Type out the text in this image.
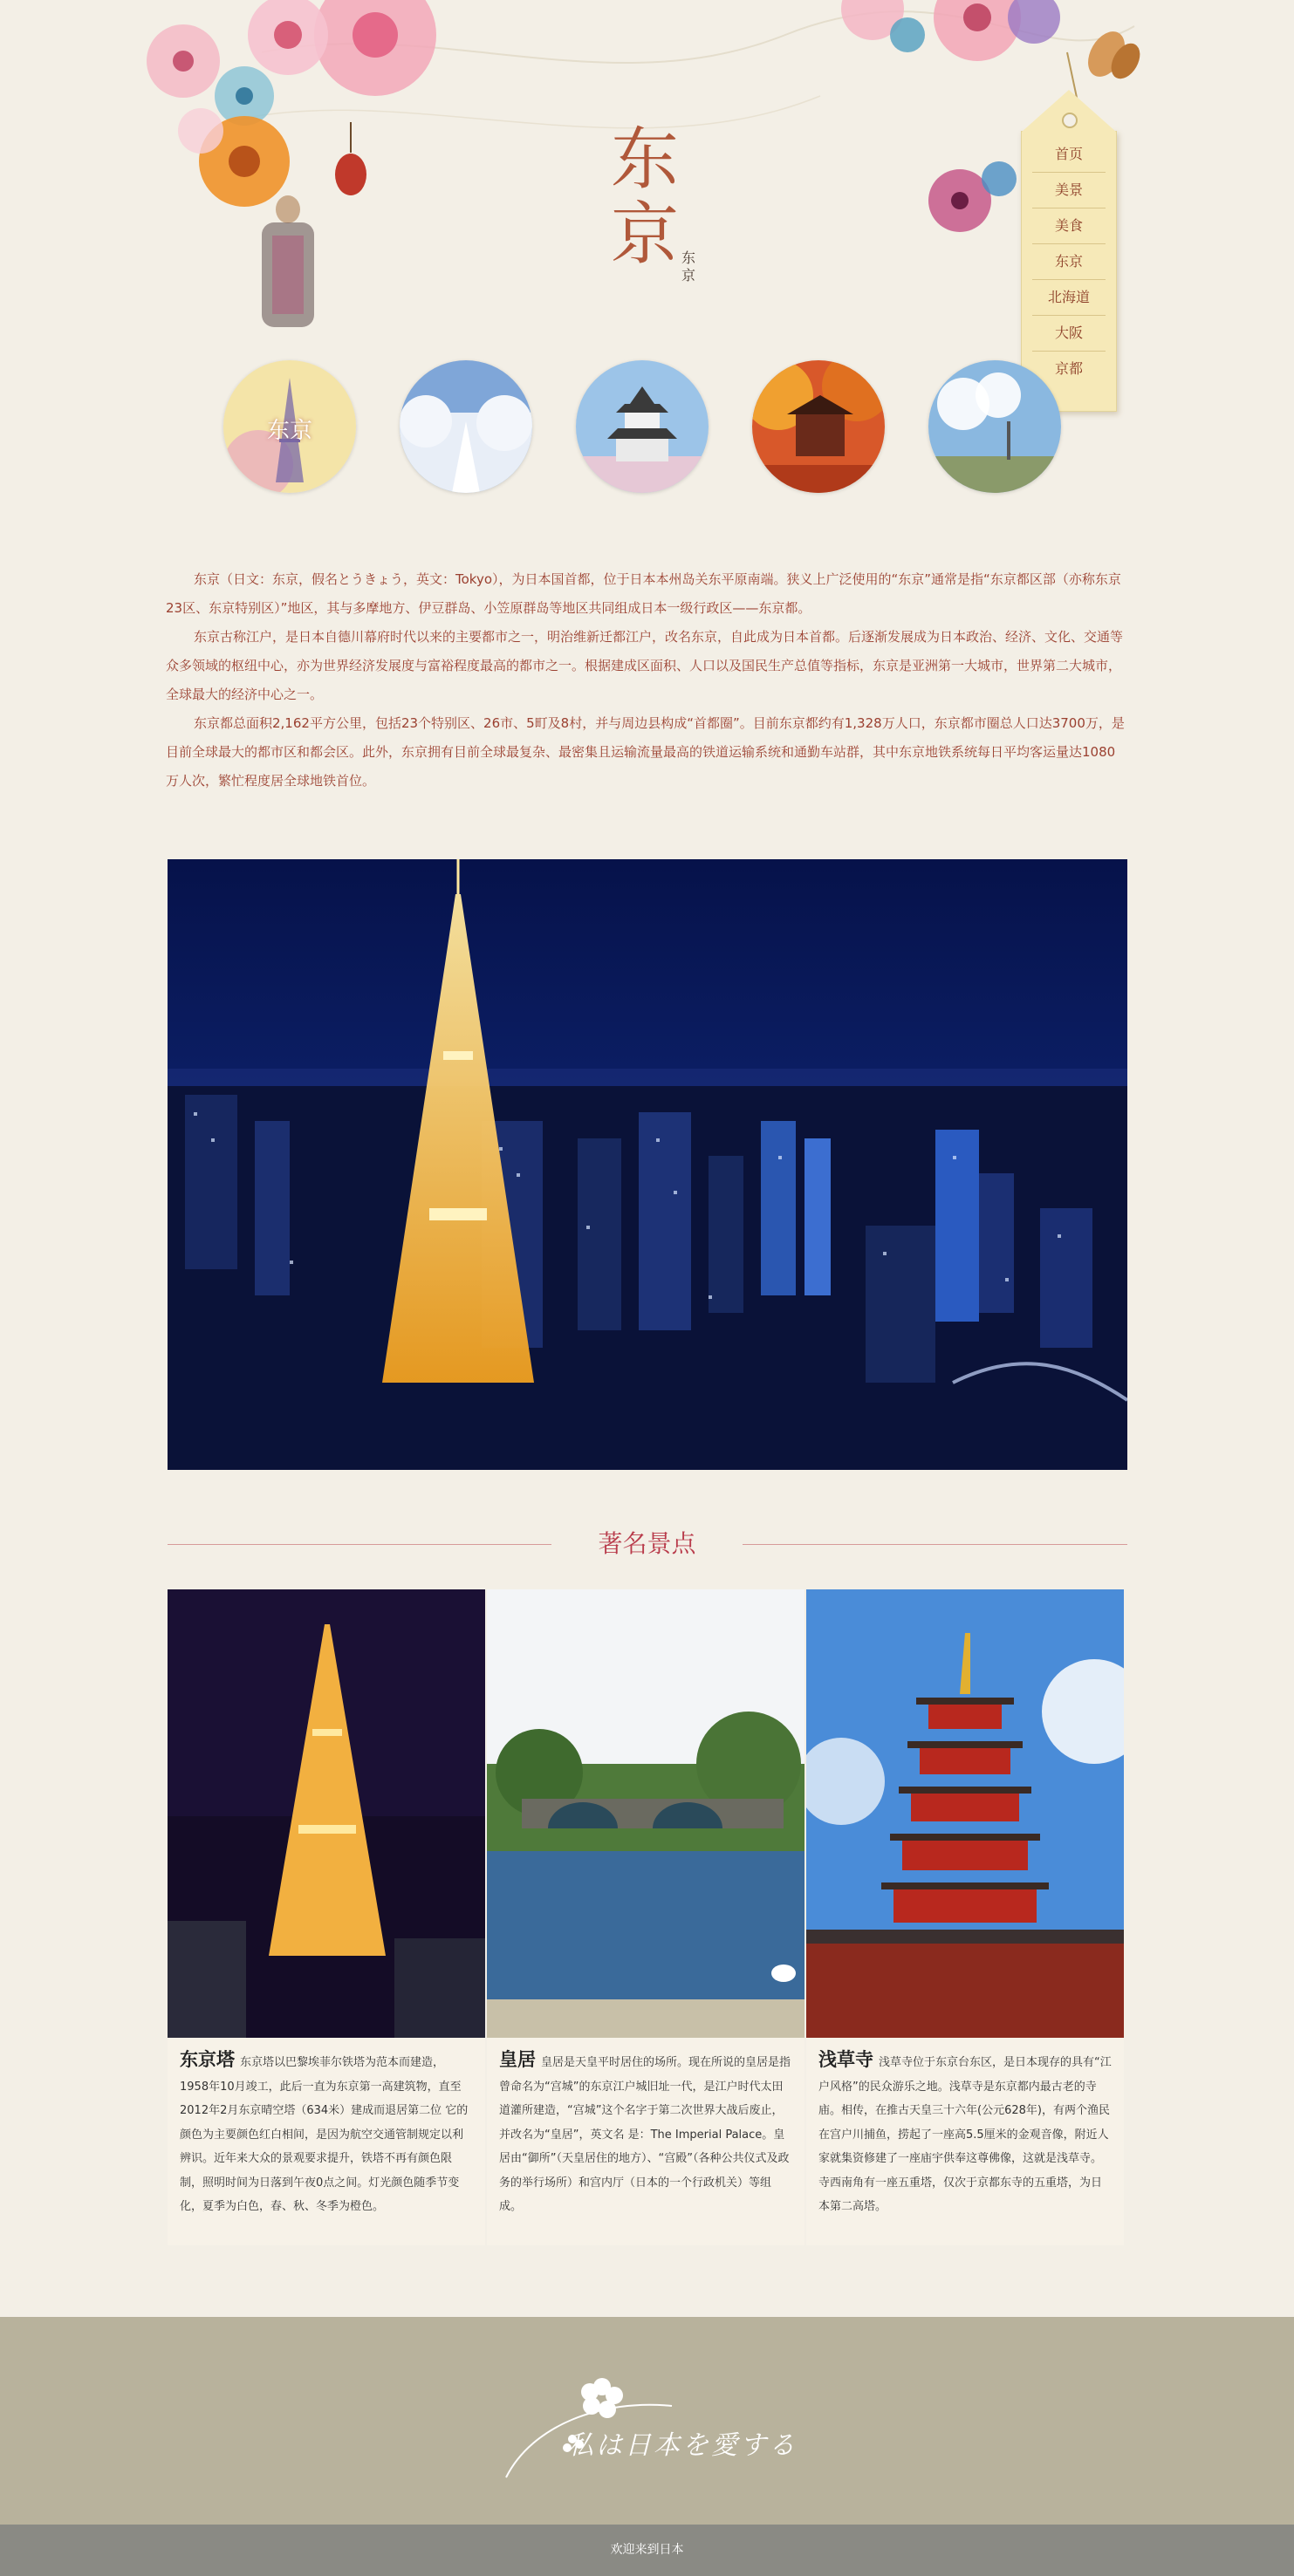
东京 东京
首页
美景
美食
东京
北海道
大阪
京都
东京

东京（日文：东京，假名とうきょう，英文：Tokyo），为日本国首都，位于日本本州岛关东平原南端。狭义上广泛使用的“东京”通常是指“东京都区部（亦称东京23区、东京特别区）”地区，其与多摩地方、伊豆群岛、小笠原群岛等地区共同组成日本一级行政区——东京都。

东京古称江户，是日本自德川幕府时代以来的主要都市之一，明治维新迁都江户，改名东京，自此成为日本首都。后逐渐发展成为日本政治、经济、文化、交通等众多领域的枢纽中心，亦为世界经济发展度与富裕程度最高的都市之一。根据建成区面积、人口以及国民生产总值等指标，东京是亚洲第一大城市，世界第二大城市，全球最大的经济中心之一。

东京都总面积2,162平方公里，包括23个特别区、26市、5町及8村，并与周边县构成“首都圈”。目前东京都约有1,328万人口，东京都市圈总人口达3700万，是目前全球最大的都市区和都会区。此外，东京拥有目前全球最复杂、最密集且运输流量最高的铁道运输系统和通勤车站群，其中东京地铁系统每日平均客运量达1080万人次，繁忙程度居全球地铁首位。

著名景点
东京塔 东京塔以巴黎埃菲尔铁塔为范本而建造，1958年10月竣工，此后一直为东京第一高建筑物，直至2012年2月东京晴空塔（634米）建成而退居第二位 它的颜色为主要颜色红白相间，是因为航空交通管制规定以利辨识。近年来大众的景观要求提升，铁塔不再有颜色限制，照明时间为日落到午夜0点之间。灯光颜色随季节变化，夏季为白色，春、秋、冬季为橙色。
皇居 皇居是天皇平时居住的场所。现在所说的皇居是指曾命名为“宫城”的东京江户城旧址一代，是江户时代太田道灌所建造，“宫城”这个名字于第二次世界大战后废止，并改名为“皇居”，英文名 是：The Imperial Palace。皇居由“御所”（天皇居住的地方）、“宫殿”（各种公共仪式及政务的举行场所）和宫内厅（日本的一个行政机关）等组成。
浅草寺 浅草寺位于东京台东区，是日本现存的具有“江户风格”的民众游乐之地。浅草寺是东京都内最古老的寺庙。相传，在推古天皇三十六年(公元628年)，有两个渔民在宫户川捕鱼，捞起了一座高5.5厘米的金观音像，附近人家就集资修建了一座庙宇供奉这尊佛像，这就是浅草寺。寺西南角有一座五重塔，仅次于京都东寺的五重塔，为日本第二高塔。
私は日本を愛する
欢迎来到日本
